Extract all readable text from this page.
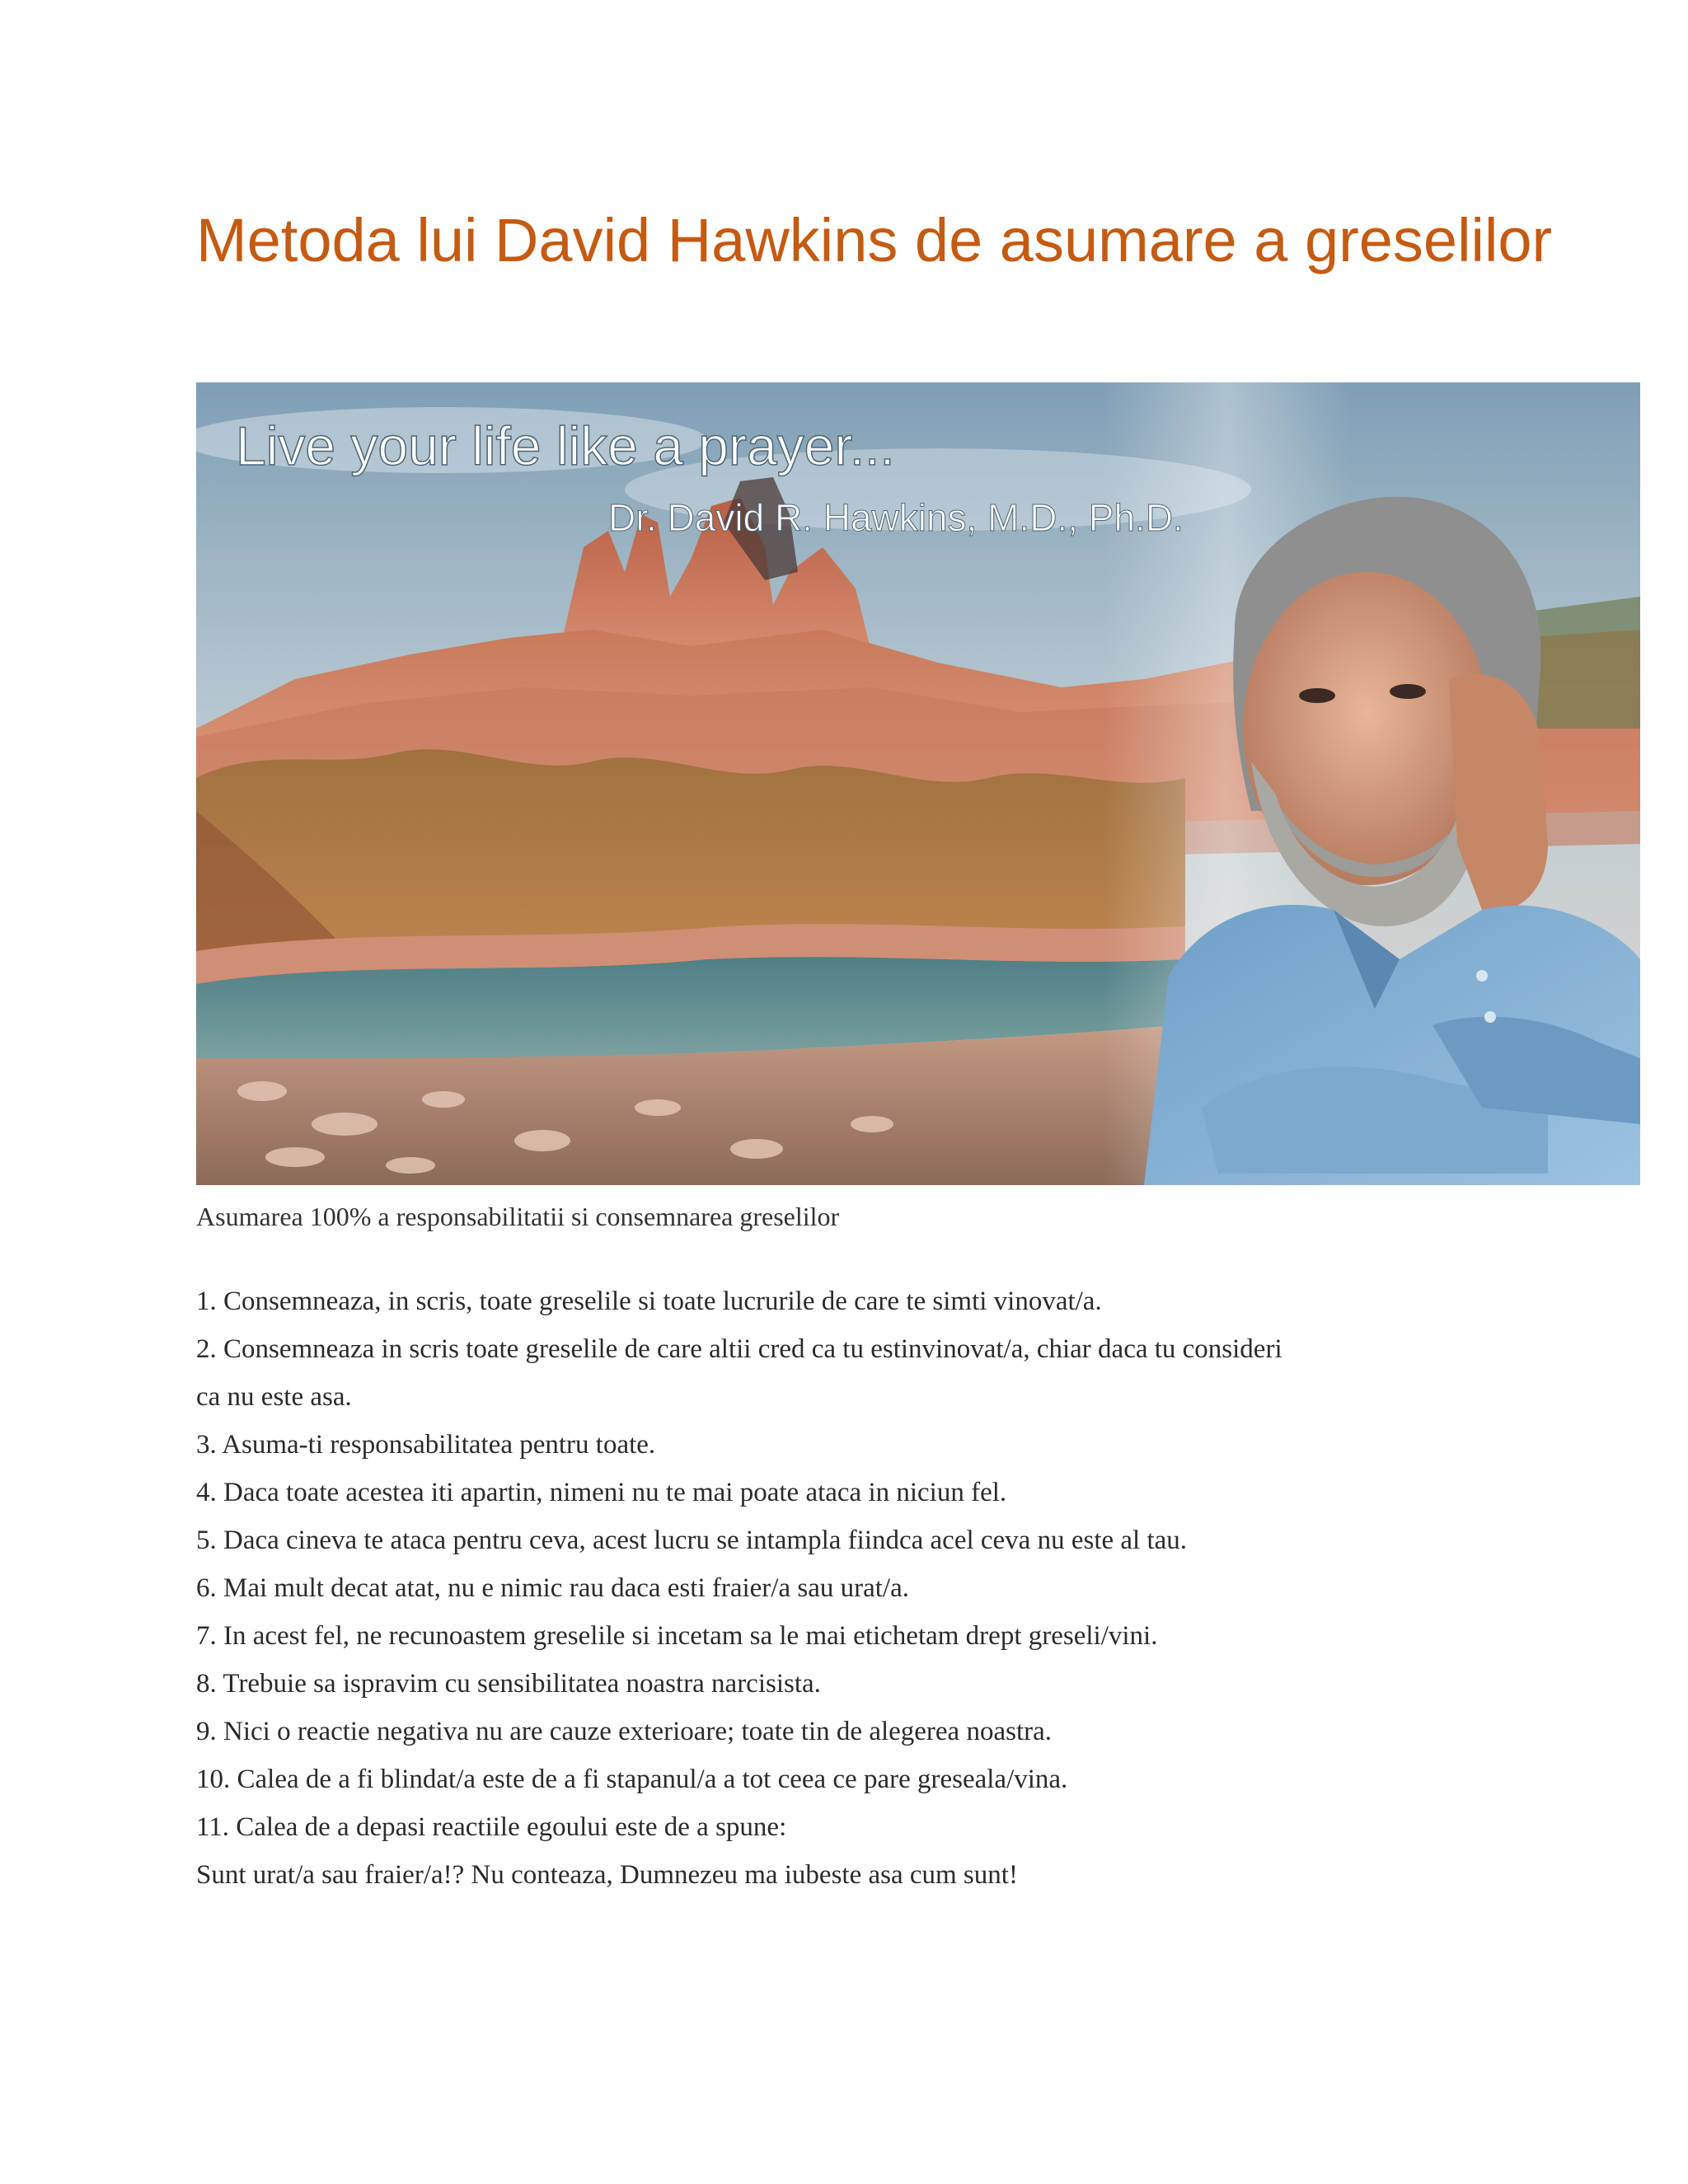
Metoda lui David Hawkins de asumare a greselilor
Live your life like a prayer...
Dr. David R. Hawkins, M.D., Ph.D.
Asumarea 100% a responsabilitatii si consemnarea greselilor
1. Consemneaza, in scris, toate greselile si toate lucrurile de care te simti vinovat/a.
2. Consemneaza in scris toate greselile de care altii cred ca tu estinvinovat/a, chiar daca tu consideri
ca nu este asa.
3. Asuma-ti responsabilitatea pentru toate.
4. Daca toate acestea iti apartin, nimeni nu te mai poate ataca in niciun fel.
5. Daca cineva te ataca pentru ceva, acest lucru se intampla fiindca acel ceva nu este al tau.
6. Mai mult decat atat, nu e nimic rau daca esti fraier/a sau urat/a.
7. In acest fel, ne recunoastem greselile si incetam sa le mai etichetam drept greseli/vini.
8. Trebuie sa ispravim cu sensibilitatea noastra narcisista.
9. Nici o reactie negativa nu are cauze exterioare; toate tin de alegerea noastra.
10. Calea de a fi blindat/a este de a fi stapanul/a a tot ceea ce pare greseala/vina.
11. Calea de a depasi reactiile egoului este de a spune:
Sunt urat/a sau fraier/a!? Nu conteaza, Dumnezeu ma iubeste asa cum sunt!
